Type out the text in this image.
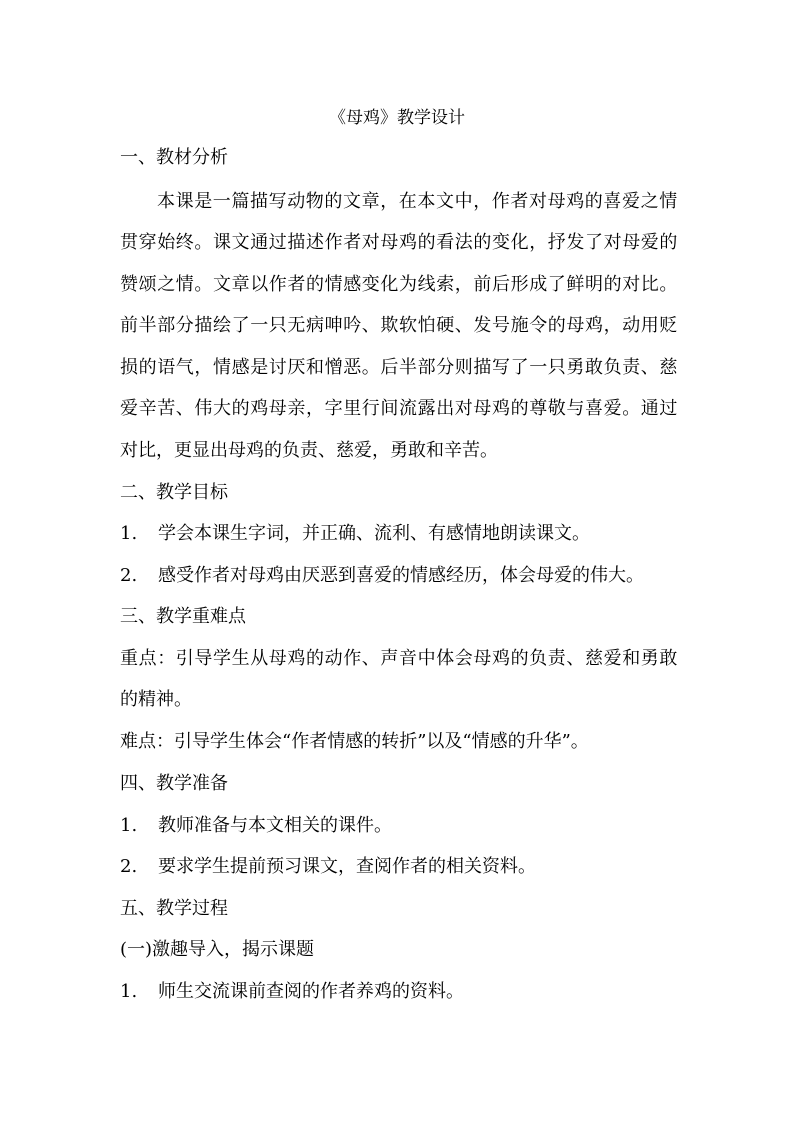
《母鸡》教学设计
一、教材分析
本课是一篇描写动物的文章，在本文中，作者对母鸡的喜爱之情
贯穿始终。课文通过描述作者对母鸡的看法的变化，抒发了对母爱的
赞颂之情。文章以作者的情感变化为线索，前后形成了鲜明的对比。
前半部分描绘了一只无病呻吟、欺软怕硬、发号施令的母鸡，动用贬
损的语气，情感是讨厌和憎恶。后半部分则描写了一只勇敢负责、慈
爱辛苦、伟大的鸡母亲，字里行间流露出对母鸡的尊敬与喜爱。通过
对比，更显出母鸡的负责、慈爱，勇敢和辛苦。
二、教学目标
1. 学会本课生字词，并正确、流利、有感情地朗读课文。
2. 感受作者对母鸡由厌恶到喜爱的情感经历，体会母爱的伟大。
三、教学重难点
重点：引导学生从母鸡的动作、声音中体会母鸡的负责、慈爱和勇敢
的精神。
难点：引导学生体会“作者情感的转折”以及“情感的升华”。
四、教学准备
1. 教师准备与本文相关的课件。
2. 要求学生提前预习课文，查阅作者的相关资料。
五、教学过程
(一)激趣导入，揭示课题
1. 师生交流课前查阅的作者养鸡的资料。
